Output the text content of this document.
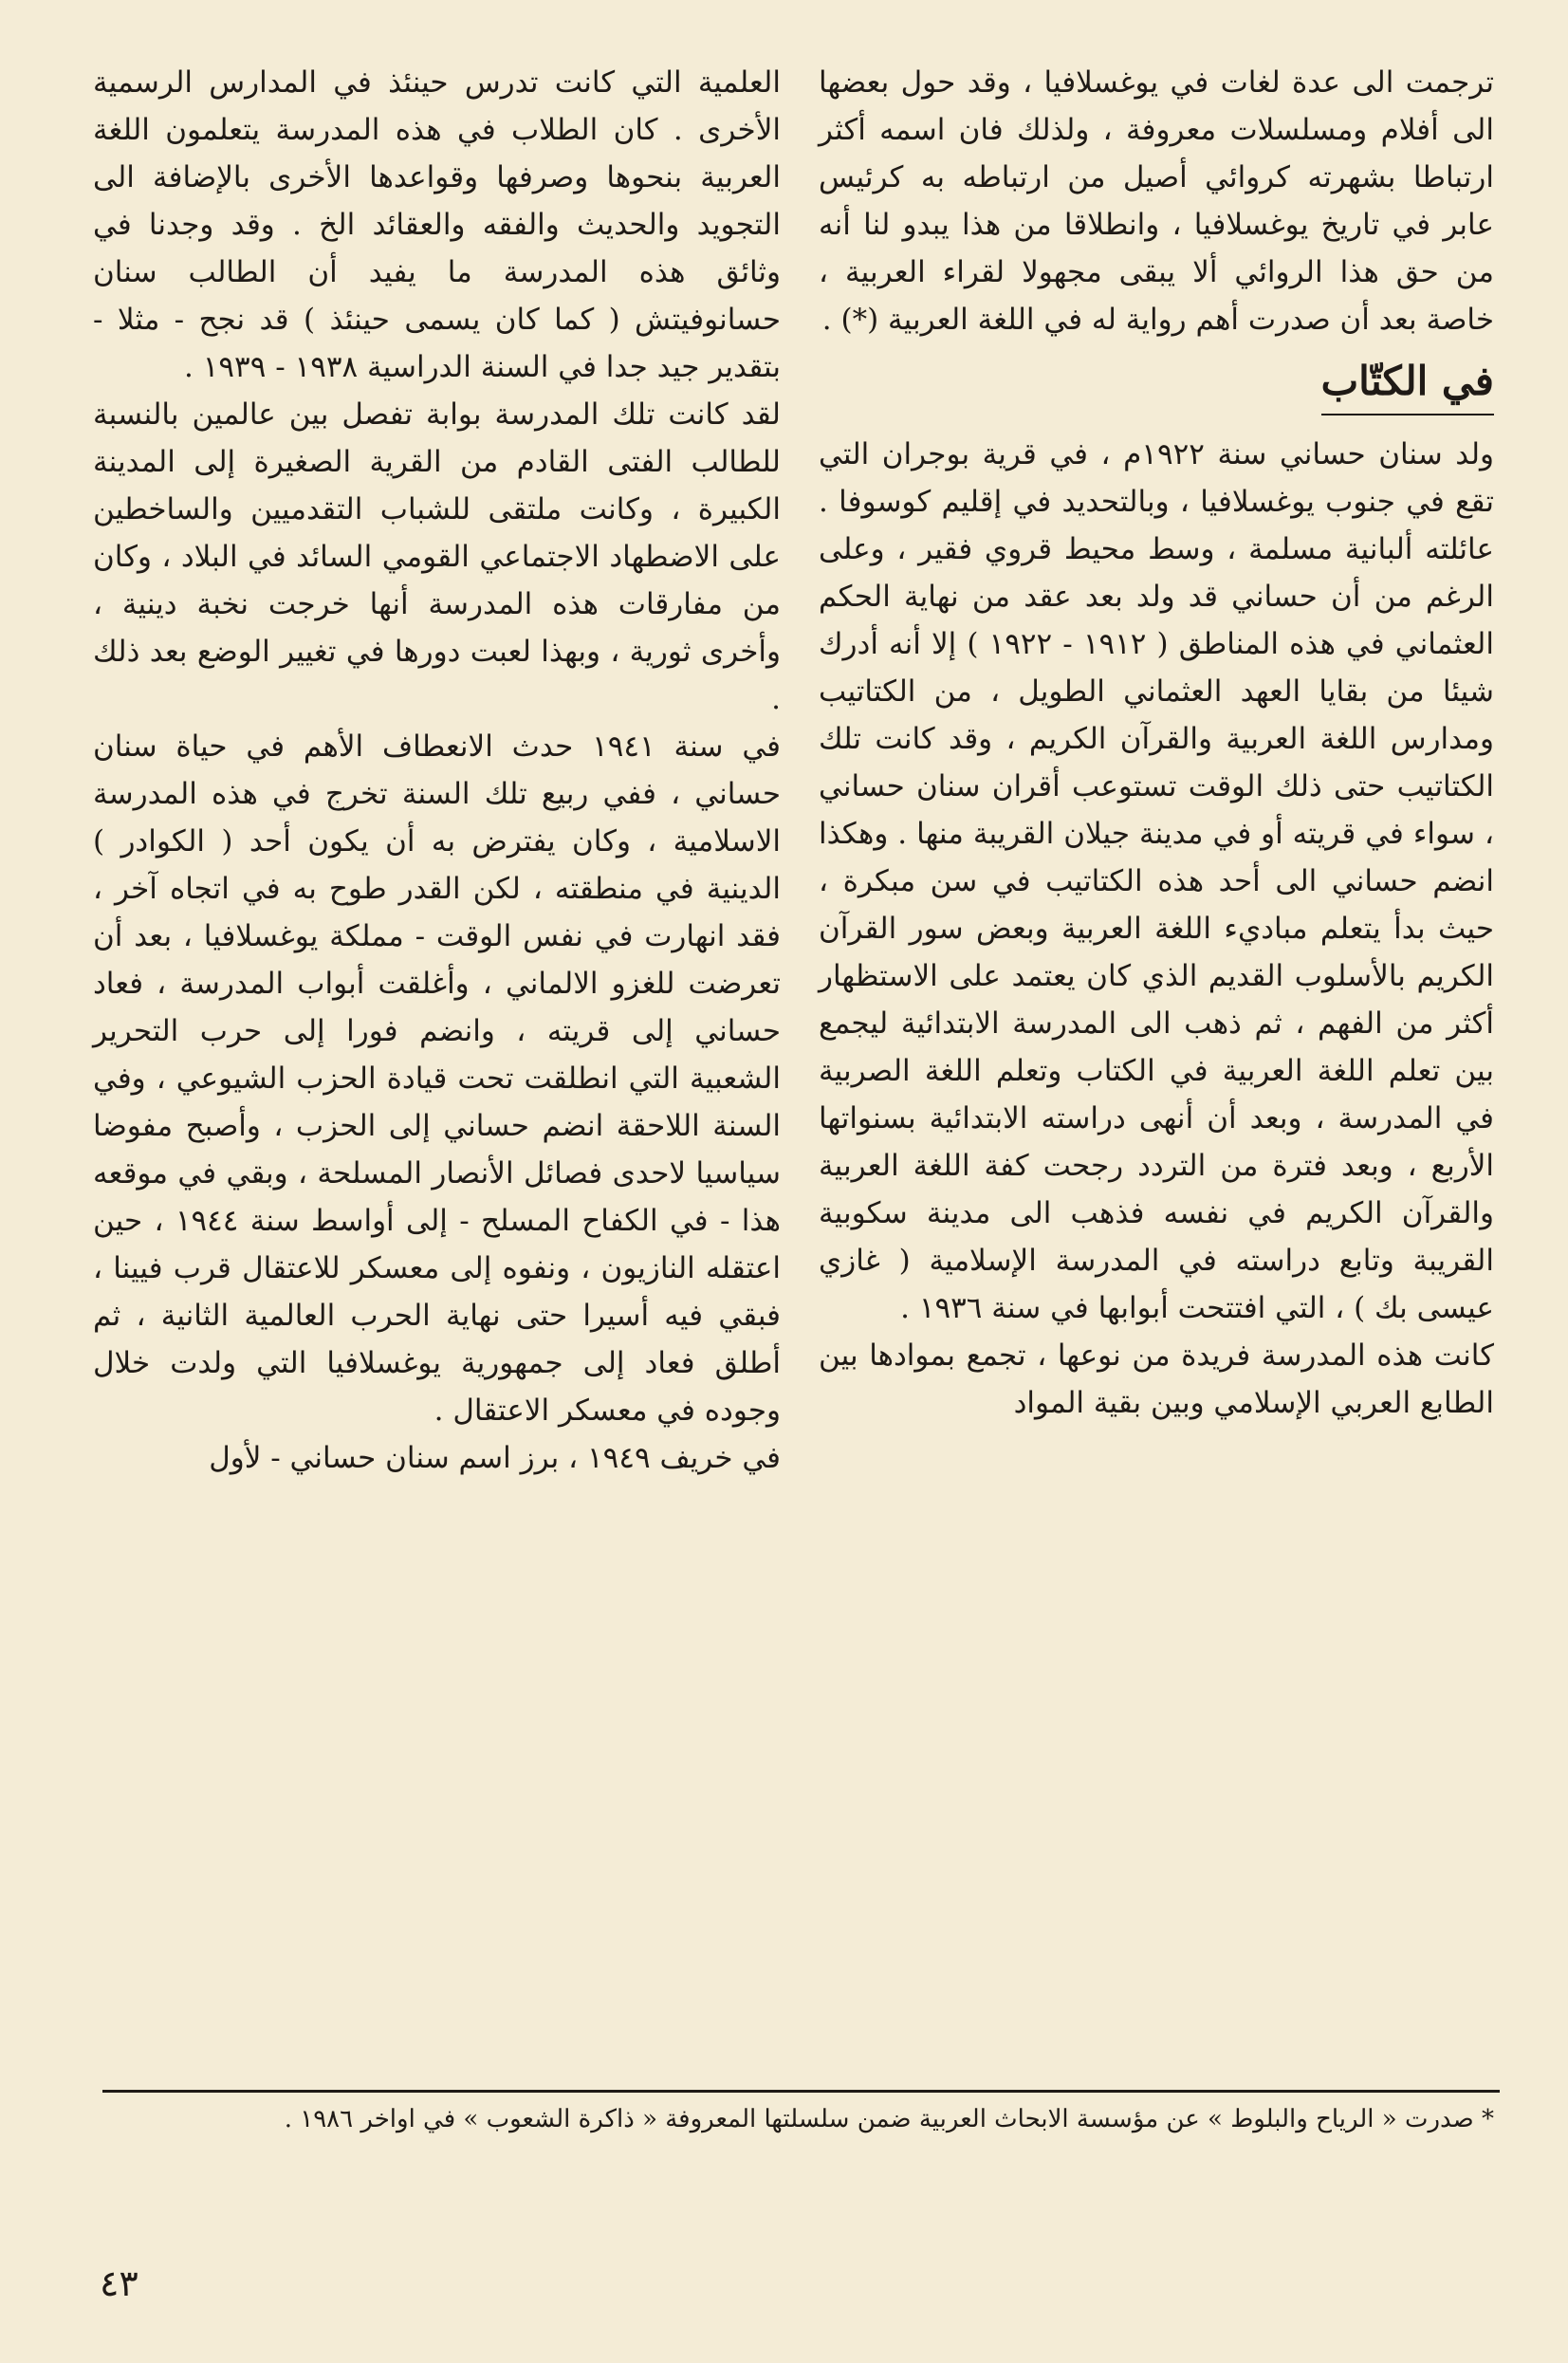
ترجمت الى عدة لغات في يوغسلافيا ، وقد حول بعضها الى أفلام ومسلسلات معروفة ، ولذلك فان اسمه أكثر ارتباطا بشهرته كروائي أصيل من ارتباطه به كرئيس عابر في تاريخ يوغسلافيا ، وانطلاقا من هذا يبدو لنا أنه من حق هذا الروائي ألا يبقى مجهولا لقراء العربية ، خاصة بعد أن صدرت أهم رواية له في اللغة العربية (*) .

في الكتّاب

ولد سنان حساني سنة ١٩٢٢م ، في قرية بوجران التي تقع في جنوب يوغسلافيا ، وبالتحديد في إقليم كوسوفا . عائلته ألبانية مسلمة ، وسط محيط قروي فقير ، وعلى الرغم من أن حساني قد ولد بعد عقد من نهاية الحكم العثماني في هذه المناطق ( ١٩١٢ - ١٩٢٢ ) إلا أنه أدرك شيئا من بقايا العهد العثماني الطويل ، من الكتاتيب ومدارس اللغة العربية والقرآن الكريم ، وقد كانت تلك الكتاتيب حتى ذلك الوقت تستوعب أقران سنان حساني ، سواء في قريته أو في مدينة جيلان القريبة منها . وهكذا انضم حساني الى أحد هذه الكتاتيب في سن مبكرة ، حيث بدأ يتعلم مباديء اللغة العربية وبعض سور القرآن الكريم بالأسلوب القديم الذي كان يعتمد على الاستظهار أكثر من الفهم ، ثم ذهب الى المدرسة الابتدائية ليجمع بين تعلم اللغة العربية في الكتاب وتعلم اللغة الصربية في المدرسة ، وبعد أن أنهى دراسته الابتدائية بسنواتها الأربع ، وبعد فترة من التردد رجحت كفة اللغة العربية والقرآن الكريم في نفسه فذهب الى مدينة سكوبية القريبة وتابع دراسته في المدرسة الإسلامية ( غازي عيسى بك ) ، التي افتتحت أبوابها في سنة ١٩٣٦ .

كانت هذه المدرسة فريدة من نوعها ، تجمع بموادها بين الطابع العربي الإسلامي وبين بقية المواد

العلمية التي كانت تدرس حينئذ في المدارس الرسمية الأخرى . كان الطلاب في هذه المدرسة يتعلمون اللغة العربية بنحوها وصرفها وقواعدها الأخرى بالإضافة الى التجويد والحديث والفقه والعقائد الخ . وقد وجدنا في وثائق هذه المدرسة ما يفيد أن الطالب سنان حسانوفيتش ( كما كان يسمى حينئذ ) قد نجح - مثلا - بتقدير جيد جدا في السنة الدراسية ١٩٣٨ - ١٩٣٩ .

لقد كانت تلك المدرسة بوابة تفصل بين عالمين بالنسبة للطالب الفتى القادم من القرية الصغيرة إلى المدينة الكبيرة ، وكانت ملتقى للشباب التقدميين والساخطين على الاضطهاد الاجتماعي القومي السائد في البلاد ، وكان من مفارقات هذه المدرسة أنها خرجت نخبة دينية ، وأخرى ثورية ، وبهذا لعبت دورها في تغيير الوضع بعد ذلك .

في سنة ١٩٤١ حدث الانعطاف الأهم في حياة سنان حساني ، ففي ربيع تلك السنة تخرج في هذه المدرسة الاسلامية ، وكان يفترض به أن يكون أحد ( الكوادر ) الدينية في منطقته ، لكن القدر طوح به في اتجاه آخر ، فقد انهارت في نفس الوقت - مملكة يوغسلافيا ، بعد أن تعرضت للغزو الالماني ، وأغلقت أبواب المدرسة ، فعاد حساني إلى قريته ، وانضم فورا إلى حرب التحرير الشعبية التي انطلقت تحت قيادة الحزب الشيوعي ، وفي السنة اللاحقة انضم حساني إلى الحزب ، وأصبح مفوضا سياسيا لاحدى فصائل الأنصار المسلحة ، وبقي في موقعه هذا - في الكفاح المسلح - إلى أواسط سنة ١٩٤٤ ، حين اعتقله النازيون ، ونفوه إلى معسكر للاعتقال قرب فيينا ، فبقي فيه أسيرا حتى نهاية الحرب العالمية الثانية ، ثم أطلق فعاد إلى جمهورية يوغسلافيا التي ولدت خلال وجوده في معسكر الاعتقال .

في خريف ١٩٤٩ ، برز اسم سنان حساني - لأول

* صدرت « الرياح والبلوط » عن مؤسسة الابحاث العربية ضمن سلسلتها المعروفة « ذاكرة الشعوب » في اواخر ١٩٨٦ .
٤٣
